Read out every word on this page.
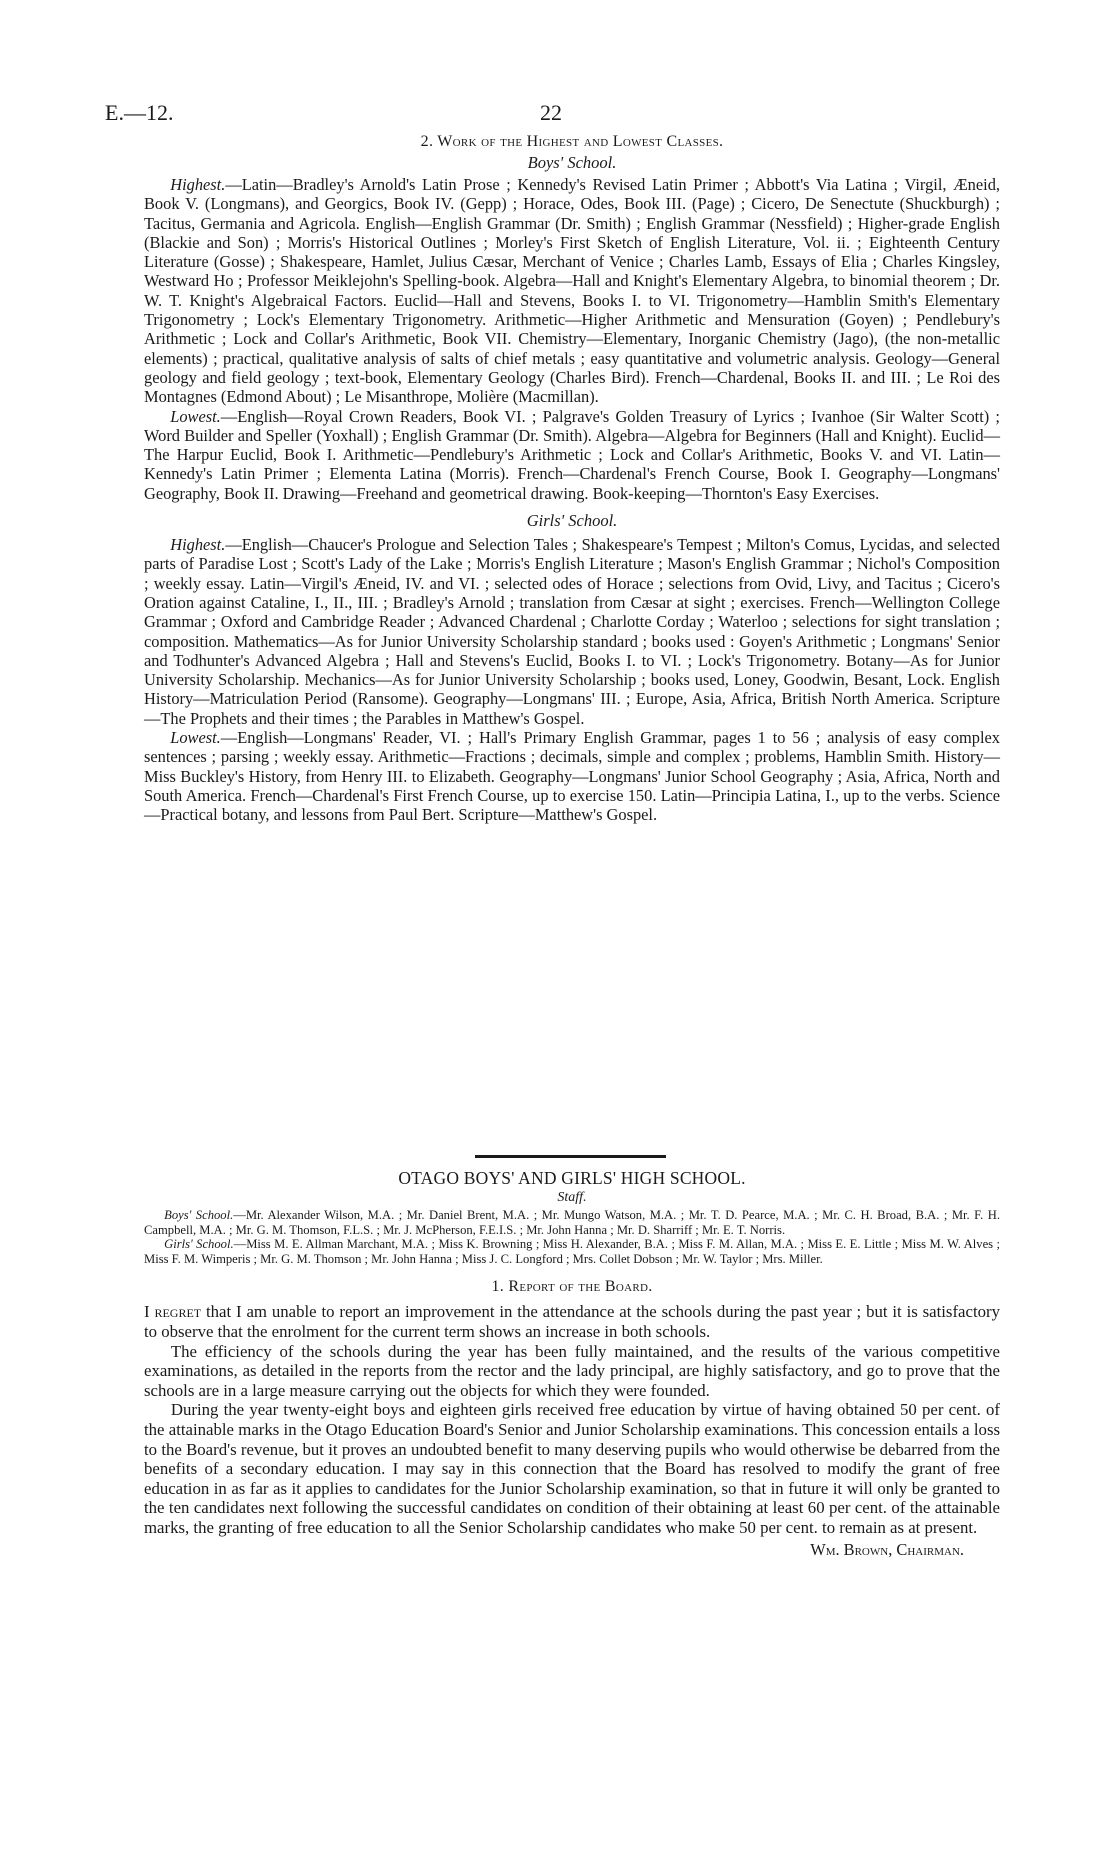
E.—12.	22

2. Work of the Highest and Lowest Classes.

Boys' School.

Highest.—Latin—Bradley's Arnold's Latin Prose ; Kennedy's Revised Latin Primer ; Abbott's Via Latina ; Virgil, Æneid, Book V. (Longmans), and Georgics, Book IV. (Gepp) ; Horace, Odes, Book III. (Page) ; Cicero, De Senectute (Shuckburgh) ; Tacitus, Germania and Agricola. English—English Grammar (Dr. Smith) ; English Grammar (Nessfield) ; Higher-grade English (Blackie and Son) ; Morris's Historical Outlines ; Morley's First Sketch of English Literature, Vol. ii. ; Eighteenth Century Literature (Gosse) ; Shakespeare, Hamlet, Julius Cæsar, Merchant of Venice ; Charles Lamb, Essays of Elia ; Charles Kingsley, Westward Ho ; Professor Meiklejohn's Spelling-book. Algebra—Hall and Knight's Elementary Algebra, to binomial theorem ; Dr. W. T. Knight's Algebraical Factors. Euclid—Hall and Stevens, Books I. to VI. Trigonometry—Hamblin Smith's Elementary Trigonometry ; Lock's Elementary Trigonometry. Arithmetic—Higher Arithmetic and Mensuration (Goyen) ; Pendlebury's Arithmetic ; Lock and Collar's Arithmetic, Book VII. Chemistry—Elementary, Inorganic Chemistry (Jago), (the non-metallic elements) ; practical, qualitative analysis of salts of chief metals ; easy quantitative and volumetric analysis. Geology—General geology and field geology ; text-book, Elementary Geology (Charles Bird). French—Chardenal, Books II. and III. ; Le Roi des Montagnes (Edmond About) ; Le Misanthrope, Molière (Macmillan).

Lowest.—English—Royal Crown Readers, Book VI. ; Palgrave's Golden Treasury of Lyrics ; Ivanhoe (Sir Walter Scott) ; Word Builder and Speller (Yoxhall) ; English Grammar (Dr. Smith). Algebra—Algebra for Beginners (Hall and Knight). Euclid—The Harpur Euclid, Book I. Arithmetic—Pendlebury's Arithmetic ; Lock and Collar's Arithmetic, Books V. and VI. Latin—Kennedy's Latin Primer ; Elementa Latina (Morris). French—Chardenal's French Course, Book I. Geography—Longmans' Geography, Book II. Drawing—Freehand and geometrical drawing. Book-keeping—Thornton's Easy Exercises.

Girls' School.

Highest.—English—Chaucer's Prologue and Selection Tales ; Shakespeare's Tempest ; Milton's Comus, Lycidas, and selected parts of Paradise Lost ; Scott's Lady of the Lake ; Morris's English Literature ; Mason's English Grammar ; Nichol's Composition ; weekly essay. Latin—Virgil's Æneid, IV. and VI. ; selected odes of Horace ; selections from Ovid, Livy, and Tacitus ; Cicero's Oration against Cataline, I., II., III. ; Bradley's Arnold ; translation from Cæsar at sight ; exercises. French—Wellington College Grammar ; Oxford and Cambridge Reader ; Advanced Chardenal ; Charlotte Corday ; Waterloo ; selections for sight translation ; composition. Mathematics—As for Junior University Scholarship standard ; books used : Goyen's Arithmetic ; Longmans' Senior and Todhunter's Advanced Algebra ; Hall and Stevens's Euclid, Books I. to VI. ; Lock's Trigonometry. Botany—As for Junior University Scholarship. Mechanics—As for Junior University Scholarship ; books used, Loney, Goodwin, Besant, Lock. English History—Matriculation Period (Ransome). Geography—Longmans' III. ; Europe, Asia, Africa, British North America. Scripture—The Prophets and their times ; the Parables in Matthew's Gospel.

Lowest.—English—Longmans' Reader, VI. ; Hall's Primary English Grammar, pages 1 to 56 ; analysis of easy complex sentences ; parsing ; weekly essay. Arithmetic—Fractions ; decimals, simple and complex ; problems, Hamblin Smith. History—Miss Buckley's History, from Henry III. to Elizabeth. Geography—Longmans' Junior School Geography ; Asia, Africa, North and South America. French—Chardenal's First French Course, up to exercise 150. Latin—Principia Latina, I., up to the verbs. Science—Practical botany, and lessons from Paul Bert. Scripture—Matthew's Gospel.

OTAGO BOYS' AND GIRLS' HIGH SCHOOL.

Staff.

Boys' School.—Mr. Alexander Wilson, M.A. ; Mr. Daniel Brent, M.A. ; Mr. Mungo Watson, M.A. ; Mr. T. D. Pearce, M.A. ; Mr. C. H. Broad, B.A. ; Mr. F. H. Campbell, M.A. ; Mr. G. M. Thomson, F.L.S. ; Mr. J. McPherson, F.E.I.S. ; Mr. John Hanna ; Mr. D. Sharriff ; Mr. E. T. Norris.

Girls' School.—Miss M. E. Allman Marchant, M.A. ; Miss K. Browning ; Miss H. Alexander, B.A. ; Miss F. M. Allan, M.A. ; Miss E. E. Little ; Miss M. W. Alves ; Miss F. M. Wimperis ; Mr. G. M. Thomson ; Mr. John Hanna ; Miss J. C. Longford ; Mrs. Collet Dobson ; Mr. W. Taylor ; Mrs. Miller.

1. Report of the Board.

I regret that I am unable to report an improvement in the attendance at the schools during the past year ; but it is satisfactory to observe that the enrolment for the current term shows an increase in both schools.

The efficiency of the schools during the year has been fully maintained, and the results of the various competitive examinations, as detailed in the reports from the rector and the lady principal, are highly satisfactory, and go to prove that the schools are in a large measure carrying out the objects for which they were founded.

During the year twenty-eight boys and eighteen girls received free education by virtue of having obtained 50 per cent. of the attainable marks in the Otago Education Board's Senior and Junior Scholarship examinations. This concession entails a loss to the Board's revenue, but it proves an undoubted benefit to many deserving pupils who would otherwise be debarred from the benefits of a secondary education. I may say in this connection that the Board has resolved to modify the grant of free education in as far as it applies to candidates for the Junior Scholarship examination, so that in future it will only be granted to the ten candidates next following the successful candidates on condition of their obtaining at least 60 per cent. of the attainable marks, the granting of free education to all the Senior Scholarship candidates who make 50 per cent. to remain as at present.

Wm. Brown, Chairman.
